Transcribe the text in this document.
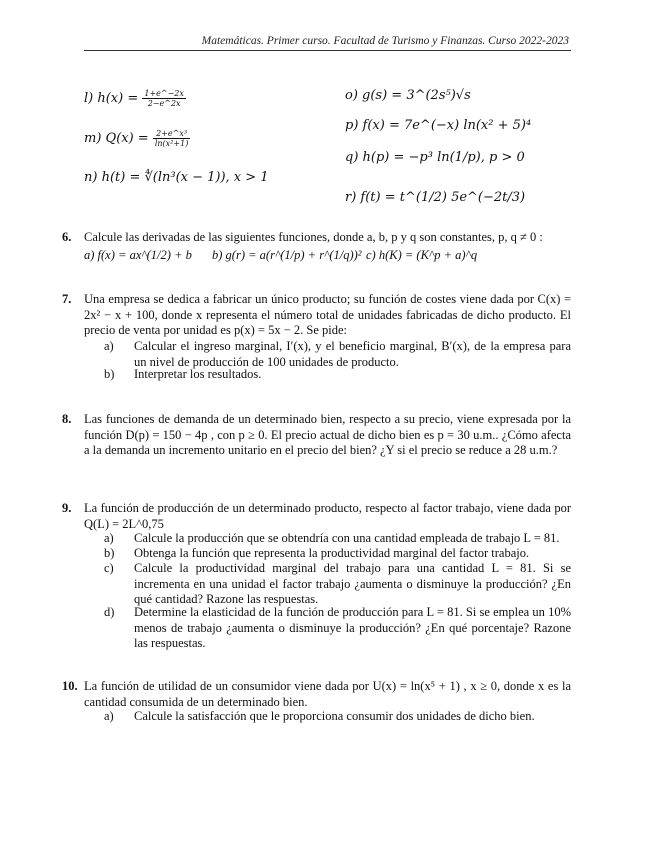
Matemáticas. Primer curso. Facultad de Turismo y Finanzas. Curso 2022-2023
l) $h(x) = \frac{1+e\^{}-2x}{2-e\^{}2x}$
m) $Q(x) = \frac{\text{2+e\textasciicircum{}x³}}{\text{ln(x²+1)}}$
n) h(t) = ∜(ln³(x − 1)), x > 1
o) g(s) = 3^(2s⁵)√s
p) f(x) = 7e^(−x) ln(x² + 5)⁴
q) h(p) = −p³ ln(1/p), p > 0
r) f(t) = t^(1/2) 5e^(−2t/3)
6. Calcule las derivadas de las siguientes funciones, donde a, b, p y q son constantes, p, q ≠ 0 :
a) f(x) = ax^(1/2) + b b) g(r) = a(r^(1/p) + r^(1/q))² c) h(K) = (K^p + a)^q
7. Una empresa se dedica a fabricar un único producto; su función de costes viene dada por C(x) = 2x² − x + 100, donde x representa el número total de unidades fabricadas de dicho producto. El precio de venta por unidad es p(x) = 5x − 2. Se pide:
a) Calcular el ingreso marginal, I′(x), y el beneficio marginal, B′(x), de la empresa para un nivel de producción de 100 unidades de producto.
b) Interpretar los resultados.
8. Las funciones de demanda de un determinado bien, respecto a su precio, viene expresada por la función D(p) = 150 − 4p , con p ≥ 0. El precio actual de dicho bien es p = 30 u.m.. ¿Cómo afecta a la demanda un incremento unitario en el precio del bien? ¿Y si el precio se reduce a 28 u.m.?
9. La función de producción de un determinado producto, respecto al factor trabajo, viene dada por Q(L) = 2L^0,75
a) Calcule la producción que se obtendría con una cantidad empleada de trabajo L = 81.
b) Obtenga la función que representa la productividad marginal del factor trabajo.
c) Calcule la productividad marginal del trabajo para una cantidad L = 81. Si se incrementa en una unidad el factor trabajo ¿aumenta o disminuye la producción? ¿En qué cantidad? Razone las respuestas.
d) Determine la elasticidad de la función de producción para L = 81. Si se emplea un 10% menos de trabajo ¿aumenta o disminuye la producción? ¿En qué porcentaje? Razone las respuestas.
10. La función de utilidad de un consumidor viene dada por U(x) = ln(x⁵ + 1) , x ≥ 0, donde x es la cantidad consumida de un determinado bien.
a) Calcule la satisfacción que le proporciona consumir dos unidades de dicho bien.
